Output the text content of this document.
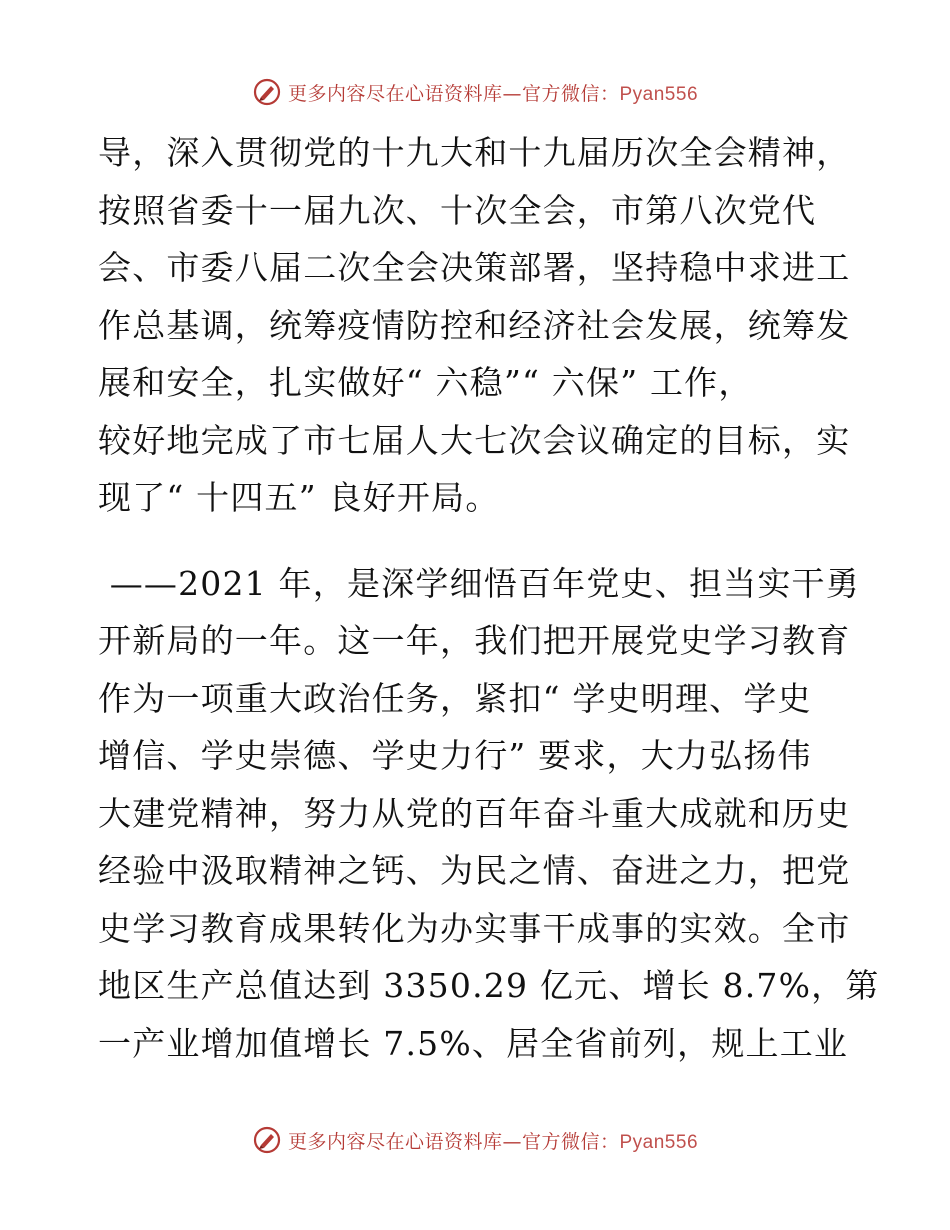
更多内容尽在心语资料库—官方微信：Pyan556
导，深入贯彻党的十九大和十九届历次全会精神，
按照省委十一届九次、十次全会，市第八次党代
会、市委八届二次全会决策部署，坚持稳中求进工
作总基调，统筹疫情防控和经济社会发展，统筹发
展和安全，扎实做好“ 六稳”“ 六保” 工作，
较好地完成了市七届人大七次会议确定的目标，实
现了“ 十四五” 良好开局。
——2021 年，是深学细悟百年党史、担当实干勇
开新局的一年。这一年，我们把开展党史学习教育
作为一项重大政治任务，紧扣“ 学史明理、学史
增信、学史崇德、学史力行” 要求，大力弘扬伟
大建党精神，努力从党的百年奋斗重大成就和历史
经验中汲取精神之钙、为民之情、奋进之力，把党
史学习教育成果转化为办实事干成事的实效。全市
地区生产总值达到 3350.29 亿元、增长 8.7%，第
一产业增加值增长 7.5%、居全省前列，规上工业
更多内容尽在心语资料库—官方微信：Pyan556
